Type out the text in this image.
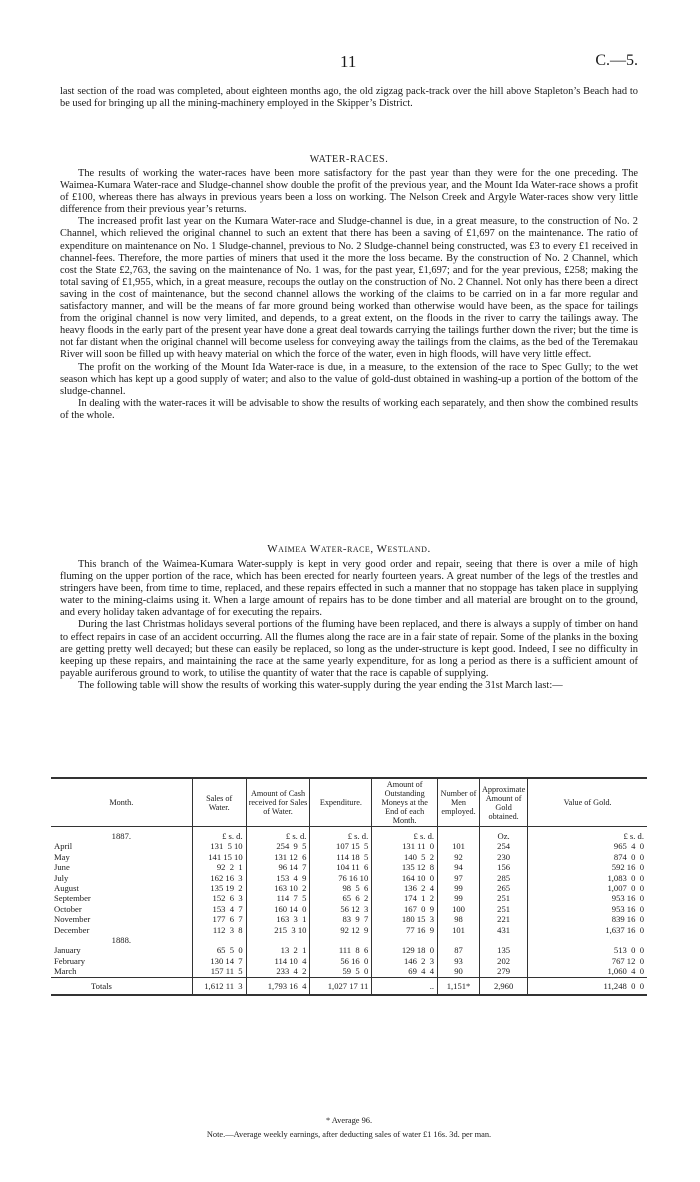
11	C.—5.

last section of the road was completed, about eighteen months ago, the old zigzag pack-track over the hill above Stapleton’s Beach had to be used for bringing up all the mining-machinery employed in the Skipper’s District.

WATER-RACES.

The results of working the water-races have been more satisfactory for the past year than they were for the one preceding. The Waimea-Kumara Water-race and Sludge-channel show double the profit of the previous year, and the Mount Ida Water-race shows a profit of £100, whereas there has always in previous years been a loss on working. The Nelson Creek and Argyle Water-races show very little difference from their previous year’s returns.

The increased profit last year on the Kumara Water-race and Sludge-channel is due, in a great measure, to the construction of No. 2 Channel, which relieved the original channel to such an extent that there has been a saving of £1,697 on the maintenance. The ratio of expenditure on maintenance on No. 1 Sludge-channel, previous to No. 2 Sludge-channel being constructed, was £3 to every £1 received in channel-fees. Therefore, the more parties of miners that used it the more the loss became. By the construction of No. 2 Channel, which cost the State £2,763, the saving on the maintenance of No. 1 was, for the past year, £1,697; and for the year previous, £258; making the total saving of £1,955, which, in a great measure, recoups the outlay on the construction of No. 2 Channel. Not only has there been a direct saving in the cost of maintenance, but the second channel allows the working of the claims to be carried on in a far more regular and satisfactory manner, and will be the means of far more ground being worked than otherwise would have been, as the space for tailings from the original channel is now very limited, and depends, to a great extent, on the floods in the river to carry the tailings away. The heavy floods in the early part of the present year have done a great deal towards carrying the tailings further down the river; but the time is not far distant when the original channel will become useless for conveying away the tailings from the claims, as the bed of the Teremakau River will soon be filled up with heavy material on which the force of the water, even in high floods, will have very little effect.

The profit on the working of the Mount Ida Water-race is due, in a measure, to the extension of the race to Spec Gully; to the wet season which has kept up a good supply of water; and also to the value of gold-dust obtained in washing-up a portion of the bottom of the sludge-channel.

In dealing with the water-races it will be advisable to show the results of working each separately, and then show the combined results of the whole.

Waimea Water-race, Westland.

This branch of the Waimea-Kumara Water-supply is kept in very good order and repair, seeing that there is over a mile of high fluming on the upper portion of the race, which has been erected for nearly fourteen years. A great number of the legs of the trestles and stringers have been, from time to time, replaced, and these repairs effected in such a manner that no stoppage has taken place in supplying water to the mining-claims using it. When a large amount of repairs has to be done timber and all material are brought on to the ground, and every holiday taken advantage of for executing the repairs.

During the last Christmas holidays several portions of the fluming have been replaced, and there is always a supply of timber on hand to effect repairs in case of an accident occurring. All the flumes along the race are in a fair state of repair. Some of the planks in the boxing are getting pretty well decayed; but these can easily be replaced, so long as the under-structure is kept good. Indeed, I see no difficulty in keeping up these repairs, and maintaining the race at the same yearly expenditure, for as long a period as there is a sufficient amount of payable auriferous ground to work, to utilise the quantity of water that the race is capable of supplying.

The following table will show the results of working this water-supply during the year ending the 31st March last:—

Month.	Sales of Water.	Amount of Cash received for Sales of Water.	Expenditure.	Amount of Outstanding Moneys at the End of each Month.	Number of Men employed.	Approximate Amount of Gold obtained.	Value of Gold.
1887.	£ s. d.	£ s. d.	£ s. d.	£ s. d.		Oz.	£ s. d.
April	131  5 10	254  9  5	107 15  5	131 11  0	101	254	965  4  0
May	141 15 10	131 12  6	114 18  5	140  5  2	92	230	874  0  0
June	92  2  1	96 14  7	104 11  6	135 12  8	94	156	592 16  0
July	162 16  3	153  4  9	76 16 10	164 10  0	97	285	1,083  0  0
August	135 19  2	163 10  2	98  5  6	136  2  4	99	265	1,007  0  0
September	152  6  3	114  7  5	65  6  2	174  1  2	99	251	953 16  0
October	153  4  7	160 14  0	56 12  3	167  0  9	100	251	953 16  0
November	177  6  7	163  3  1	83  9  7	180 15  3	98	221	839 16  0
December	112  3  8	215  3 10	92 12  9	77 16  9	101	431	1,637 16  0
1888.							
January	65  5  0	13  2  1	111  8  6	129 18  0	87	135	513  0  0
February	130 14  7	114 10  4	56 16  0	146  2  3	93	202	767 12  0
March	157 11  5	233  4  2	59  5  0	69  4  4	90	279	1,060  4  0
Totals	1,612 11  3	1,793 16  4	1,027 17 11	..	1,151*	2,960	11,248  0  0
* Average 96.
Note.—Average weekly earnings, after deducting sales of water £1 16s. 3d. per man.
